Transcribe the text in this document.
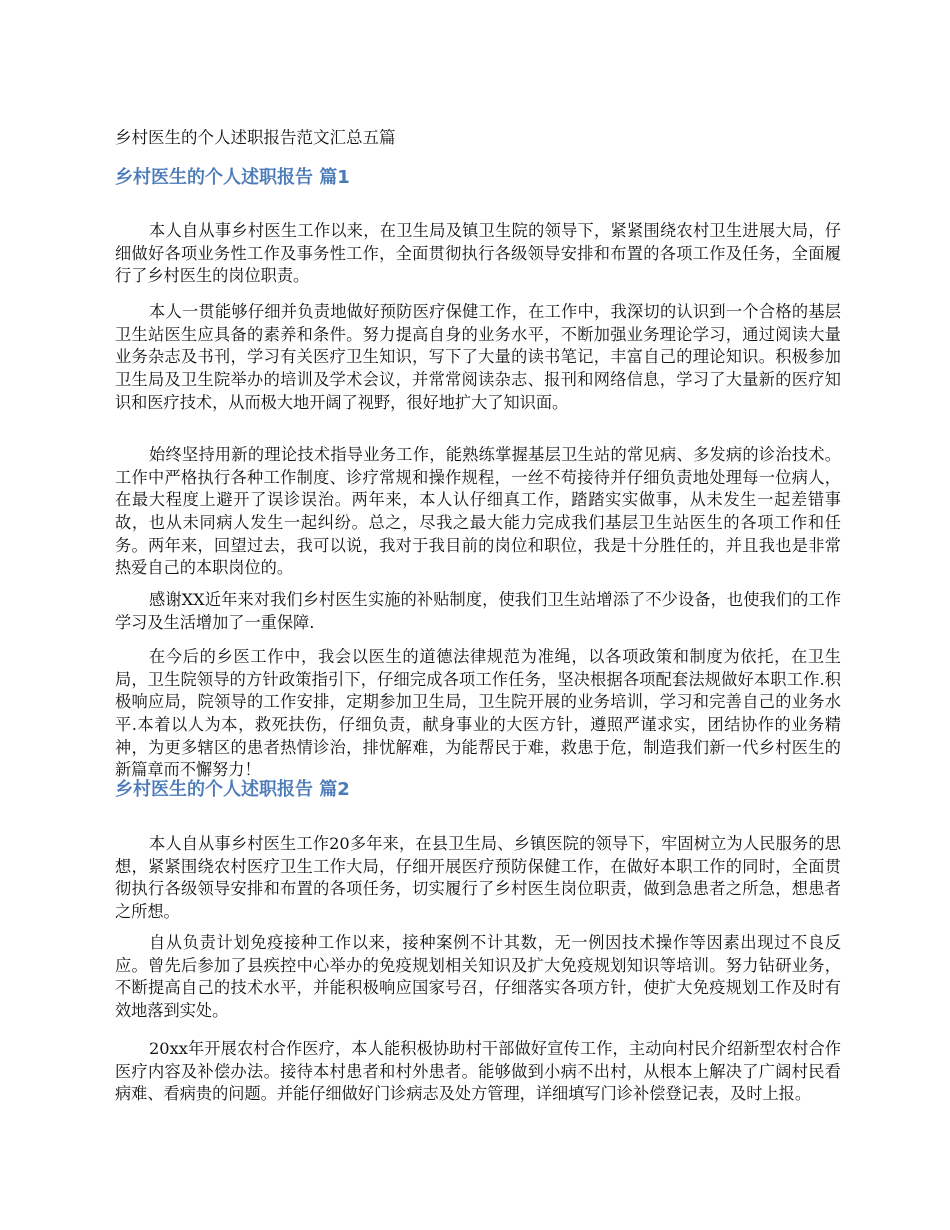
乡村医生的个人述职报告范文汇总五篇
乡村医生的个人述职报告 篇1

本人自从事乡村医生工作以来，在卫生局及镇卫生院的领导下，紧紧围绕农村卫生进展大局，仔细做好各项业务性工作及事务性工作，全面贯彻执行各级领导安排和布置的各项工作及任务，全面履行了乡村医生的岗位职责。

本人一贯能够仔细并负责地做好预防医疗保健工作，在工作中，我深切的认识到一个合格的基层卫生站医生应具备的素养和条件。努力提高自身的业务水平，不断加强业务理论学习，通过阅读大量业务杂志及书刊，学习有关医疗卫生知识，写下了大量的读书笔记，丰富自己的理论知识。积极参加卫生局及卫生院举办的培训及学术会议，并常常阅读杂志、报刊和网络信息，学习了大量新的医疗知识和医疗技术，从而极大地开阔了视野，很好地扩大了知识面。

始终坚持用新的理论技术指导业务工作，能熟练掌握基层卫生站的常见病、多发病的诊治技术。工作中严格执行各种工作制度、诊疗常规和操作规程，一丝不苟接待并仔细负责地处理每一位病人，在最大程度上避开了误诊误治。两年来，本人认仔细真工作，踏踏实实做事，从未发生一起差错事故，也从未同病人发生一起纠纷。总之，尽我之最大能力完成我们基层卫生站医生的各项工作和任务。两年来，回望过去，我可以说，我对于我目前的岗位和职位，我是十分胜任的，并且我也是非常热爱自己的本职岗位的。

感谢XX近年来对我们乡村医生实施的补贴制度，使我们卫生站增添了不少设备，也使我们的工作学习及生活增加了一重保障.

在今后的乡医工作中，我会以医生的道德法律规范为准绳，以各项政策和制度为依托，在卫生局，卫生院领导的方针政策指引下，仔细完成各项工作任务，坚决根据各项配套法规做好本职工作.积极响应局，院领导的工作安排，定期参加卫生局，卫生院开展的业务培训，学习和完善自己的业务水平.本着以人为本，救死扶伤，仔细负责，献身事业的大医方针，遵照严谨求实，团结协作的业务精神，为更多辖区的患者热情诊治，排忧解难，为能帮民于难，救患于危，制造我们新一代乡村医生的新篇章而不懈努力！

乡村医生的个人述职报告 篇2

本人自从事乡村医生工作20多年来，在县卫生局、乡镇医院的领导下，牢固树立为人民服务的思想，紧紧围绕农村医疗卫生工作大局，仔细开展医疗预防保健工作，在做好本职工作的同时，全面贯彻执行各级领导安排和布置的各项任务，切实履行了乡村医生岗位职责，做到急患者之所急，想患者之所想。

自从负责计划免疫接种工作以来，接种案例不计其数，无一例因技术操作等因素出现过不良反应。曾先后参加了县疾控中心举办的免疫规划相关知识及扩大免疫规划知识等培训。努力钻研业务，不断提高自己的技术水平，并能积极响应国家号召，仔细落实各项方针，使扩大免疫规划工作及时有效地落到实处。

20xx年开展农村合作医疗，本人能积极协助村干部做好宣传工作，主动向村民介绍新型农村合作医疗内容及补偿办法。接待本村患者和村外患者。能够做到小病不出村，从根本上解决了广阔村民看病难、看病贵的问题。并能仔细做好门诊病志及处方管理，详细填写门诊补偿登记表，及时上报。
